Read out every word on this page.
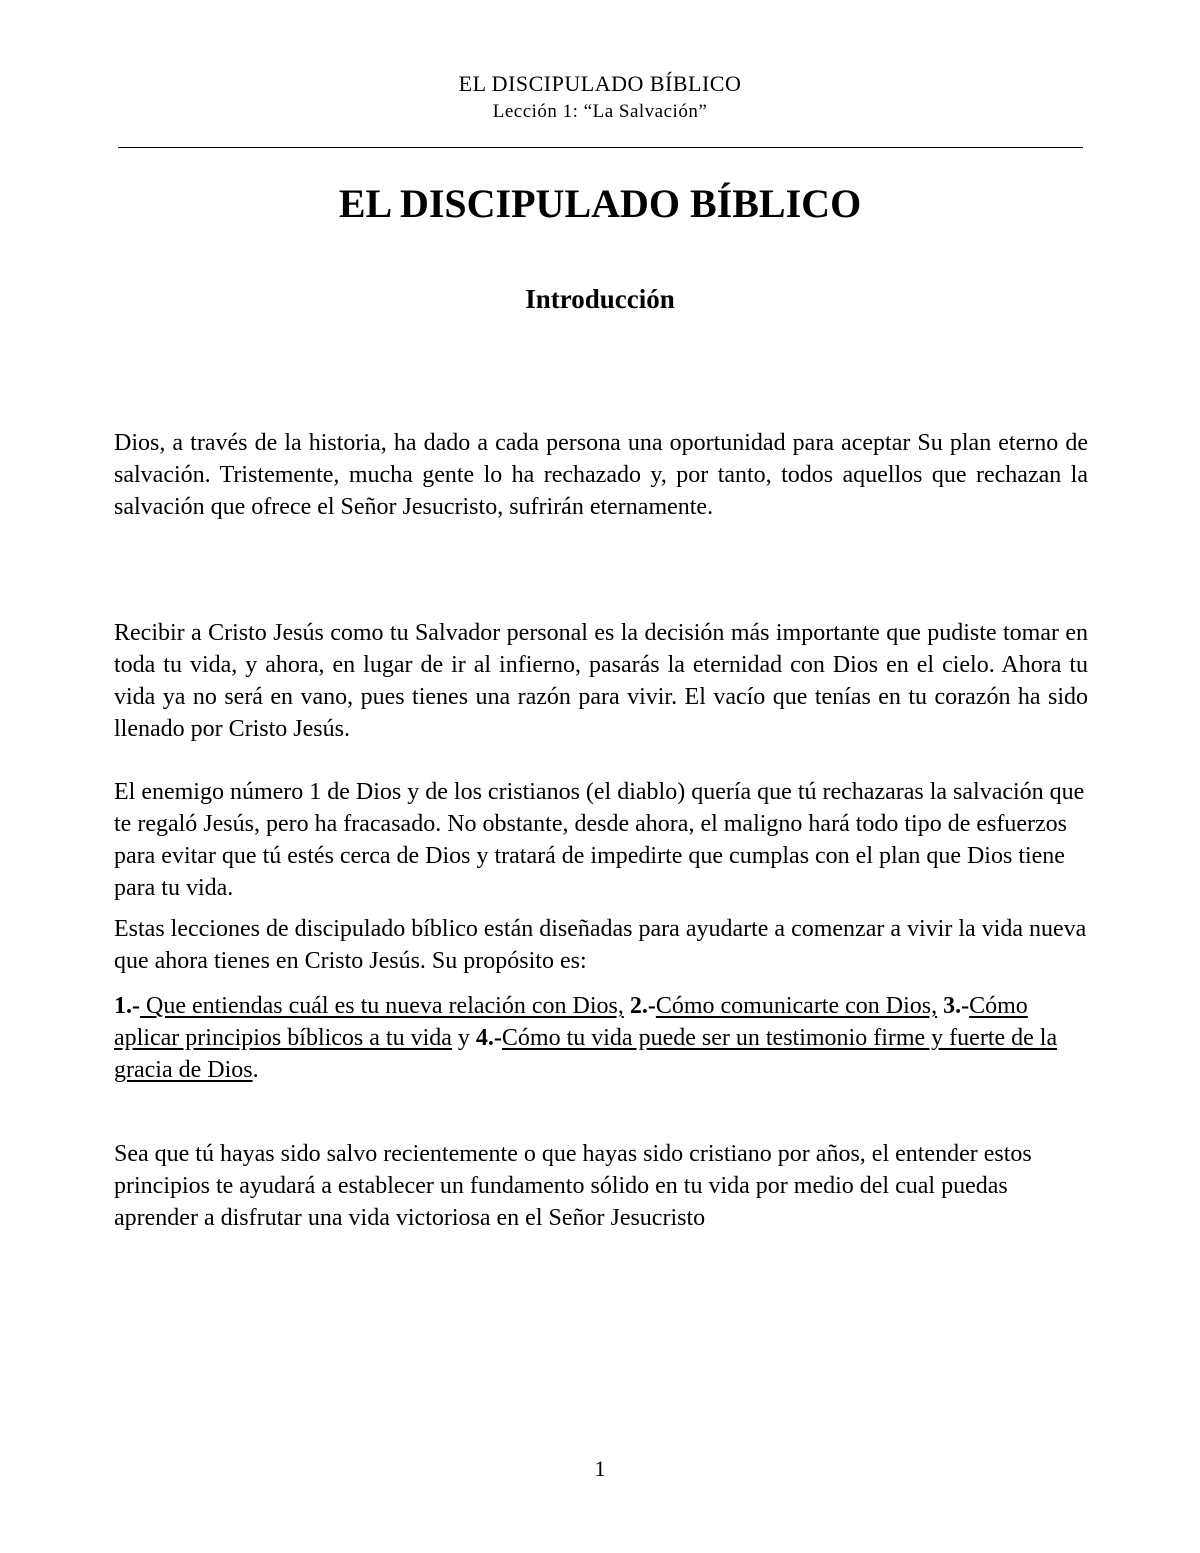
EL DISCIPULADO BÍBLICO
Lección 1: “La Salvación”
EL DISCIPULADO BÍBLICO
Introducción

Dios, a través de la historia, ha dado a cada persona una oportunidad para aceptar Su plan eterno de salvación. Tristemente, mucha gente lo ha rechazado y, por tanto, todos aquellos que rechazan la salvación que ofrece el Señor Jesucristo, sufrirán eternamente.

Recibir a Cristo Jesús como tu Salvador personal es la decisión más importante que pudiste tomar en toda tu vida, y ahora, en lugar de ir al infierno, pasarás la eternidad con Dios en el cielo. Ahora tu vida ya no será en vano, pues tienes una razón para vivir. El vacío que tenías en tu corazón ha sido llenado por Cristo Jesús.

El enemigo número 1 de Dios y de los cristianos (el diablo) quería que tú rechazaras la salvación que te regaló Jesús, pero ha fracasado. No obstante, desde ahora, el maligno hará todo tipo de esfuerzos para evitar que tú estés cerca de Dios y tratará de impedirte que cumplas con el plan que Dios tiene para tu vida.

Estas lecciones de discipulado bíblico están diseñadas para ayudarte a comenzar a vivir la vida nueva que ahora tienes en Cristo Jesús. Su propósito es:

1.- Que entiendas cuál es tu nueva relación con Dios, 2.-Cómo comunicarte con Dios, 3.-Cómo aplicar principios bíblicos a tu vida y 4.-Cómo tu vida puede ser un testimonio firme y fuerte de la gracia de Dios.

Sea que tú hayas sido salvo recientemente o que hayas sido cristiano por años, el entender estos principios te ayudará a establecer un fundamento sólido en tu vida por medio del cual puedas aprender a disfrutar una vida victoriosa en el Señor Jesucristo

1
